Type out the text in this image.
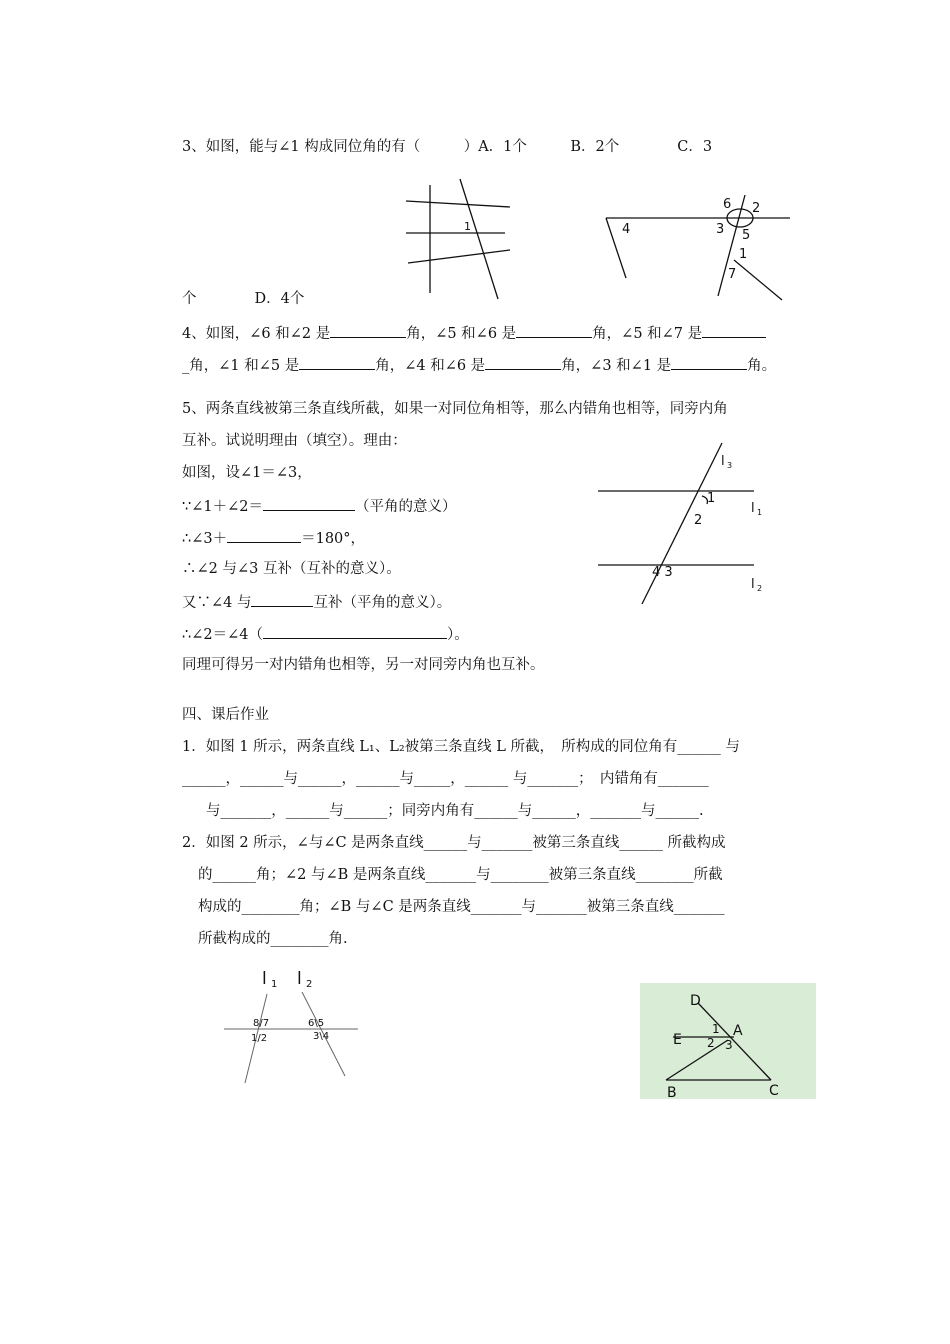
3、如图，能与∠1 构成同位角的有（　　　）A．1个　　　B．2个　　　　C．3
1
6 2
3 5
4
1
7
个　　　　D．4个
4、如图，∠6 和∠2 是	角，∠5 和∠6 是	角，∠5 和∠7 是
_角，∠1 和∠5 是	角，∠4 和∠6 是	角，∠3 和∠1 是	角。
5、两条直线被第三条直线所截，如果一对同位角相等，那么内错角也相等，同旁内角
互补。试说明理由（填空）。理由：
如图，设∠1＝∠3，
∵∠1＋∠2＝	（平角的意义）
∴∠3＋	＝180°，
∴∠2 与∠3 互补（互补的意义）。
又∵∠4 与	互补（平角的意义）。
∴∠2＝∠4（	）。
同理可得另一对内错角也相等，另一对同旁内角也互补。
l 3
l 1
l 2
1
2
4 3
四、课后作业
1．如图 1 所示，两条直线 L₁、L₂被第三条直线 L 所截，　所构成的同位角有______ 与
______，______与______，______与_____，______ 与_______；　内错角有_______
与_______，______与______；同旁内角有______与______，_______与______.
2．如图 2 所示，∠与∠C 是两条直线______与_______被第三条直线______ 所截构成
的______角；∠2 与∠B 是两条直线_______与________被第三条直线________所截
构成的________角；∠B 与∠C 是两条直线_______与_______被第三条直线_______
所截构成的________角.
l 1 l 2
8/7
1/2
6\5
3\4
D
E
A
B	C
1
2 3
